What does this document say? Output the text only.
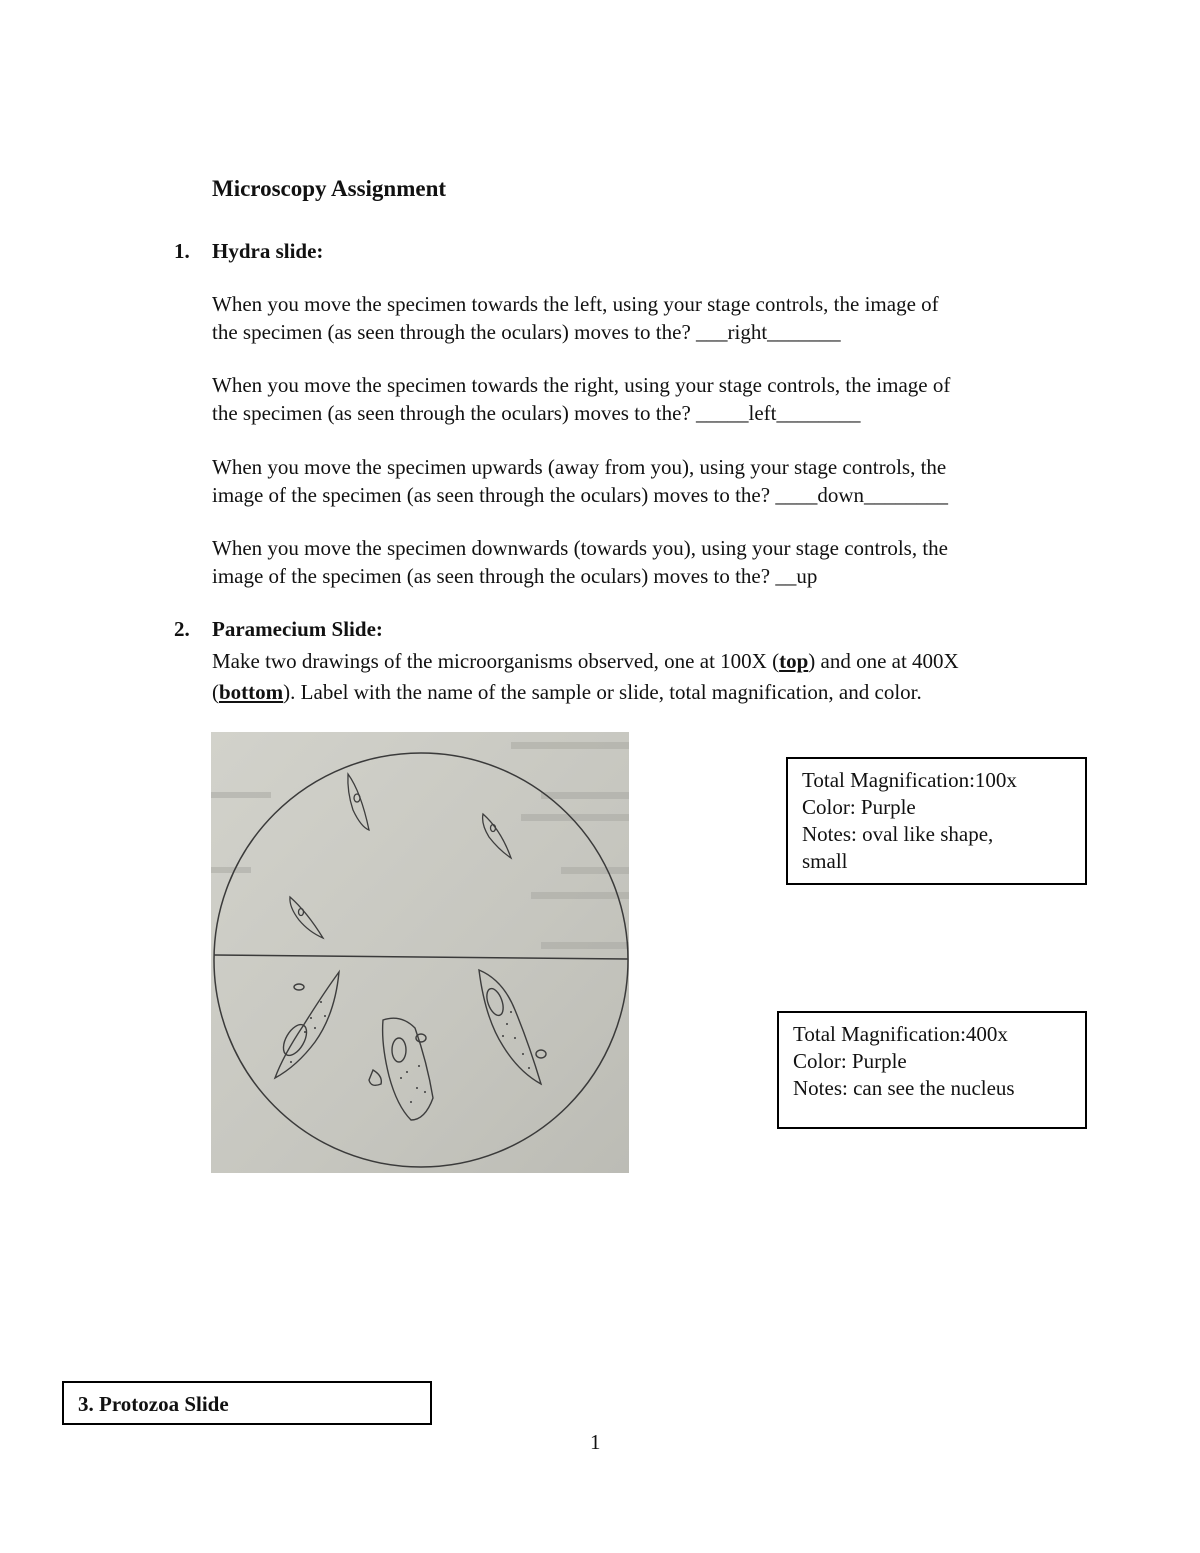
Microscopy Assignment
1. Hydra slide:
When you move the specimen towards the left, using your stage controls, the image of
the specimen (as seen through the oculars) moves to the? ___right_______
When you move the specimen towards the right, using your stage controls, the image of
the specimen (as seen through the oculars) moves to the? _____left________
When you move the specimen upwards (away from you), using your stage controls, the
image of the specimen (as seen through the oculars) moves to the? ____down________
When you move the specimen downwards (towards you), using your stage controls, the
image of the specimen (as seen through the oculars) moves to the? __up
2. Paramecium Slide:
Make two drawings of the microorganisms observed, one at 100X (top) and one at 400X
(bottom). Label with the name of the sample or slide, total magnification, and color.
Total Magnification:100x
Color: Purple
Notes: oval like shape,
small
Total Magnification:400x
Color: Purple
Notes: can see the nucleus
3. Protozoa Slide
1
